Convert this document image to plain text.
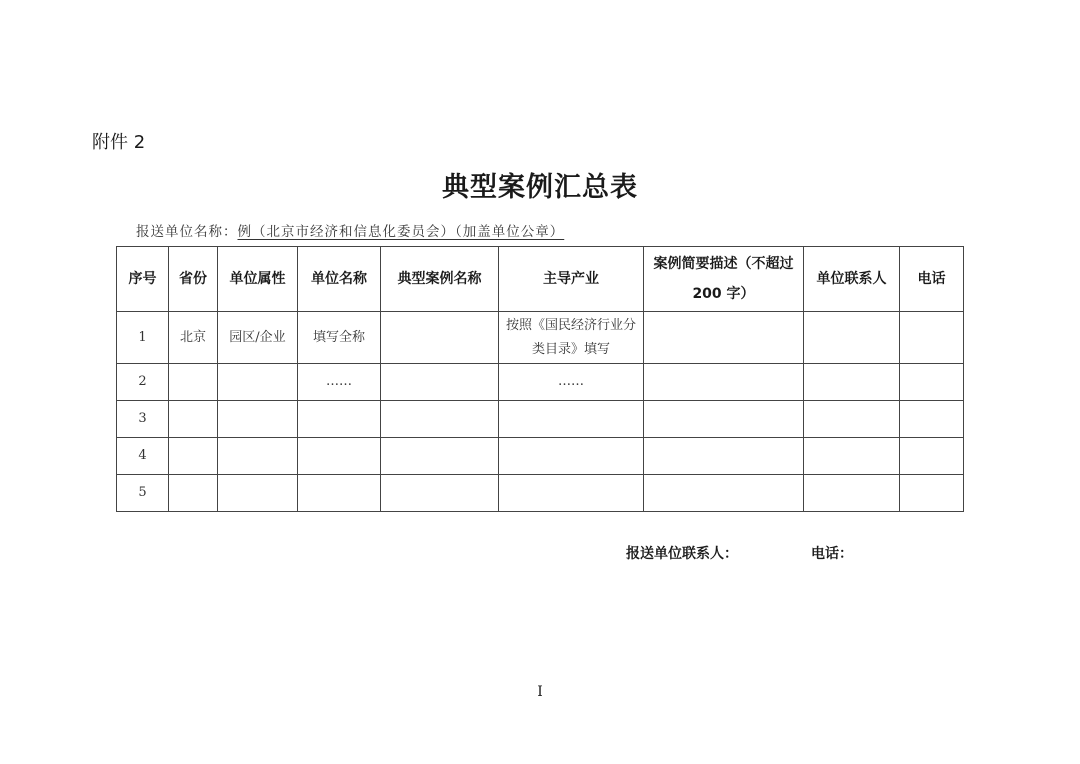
附件 2
典型案例汇总表
报送单位名称：例（北京市经济和信息化委员会）（加盖单位公章）
序号	省份	单位属性	单位名称	典型案例名称	主导产业	案例简要描述（不超过200 字）	单位联系人	电话
1	北京	园区/企业	填写全称		按照《国民经济行业分类目录》填写			
2			……		……			
3								
4								
5								
报送单位联系人：	电话：
I
